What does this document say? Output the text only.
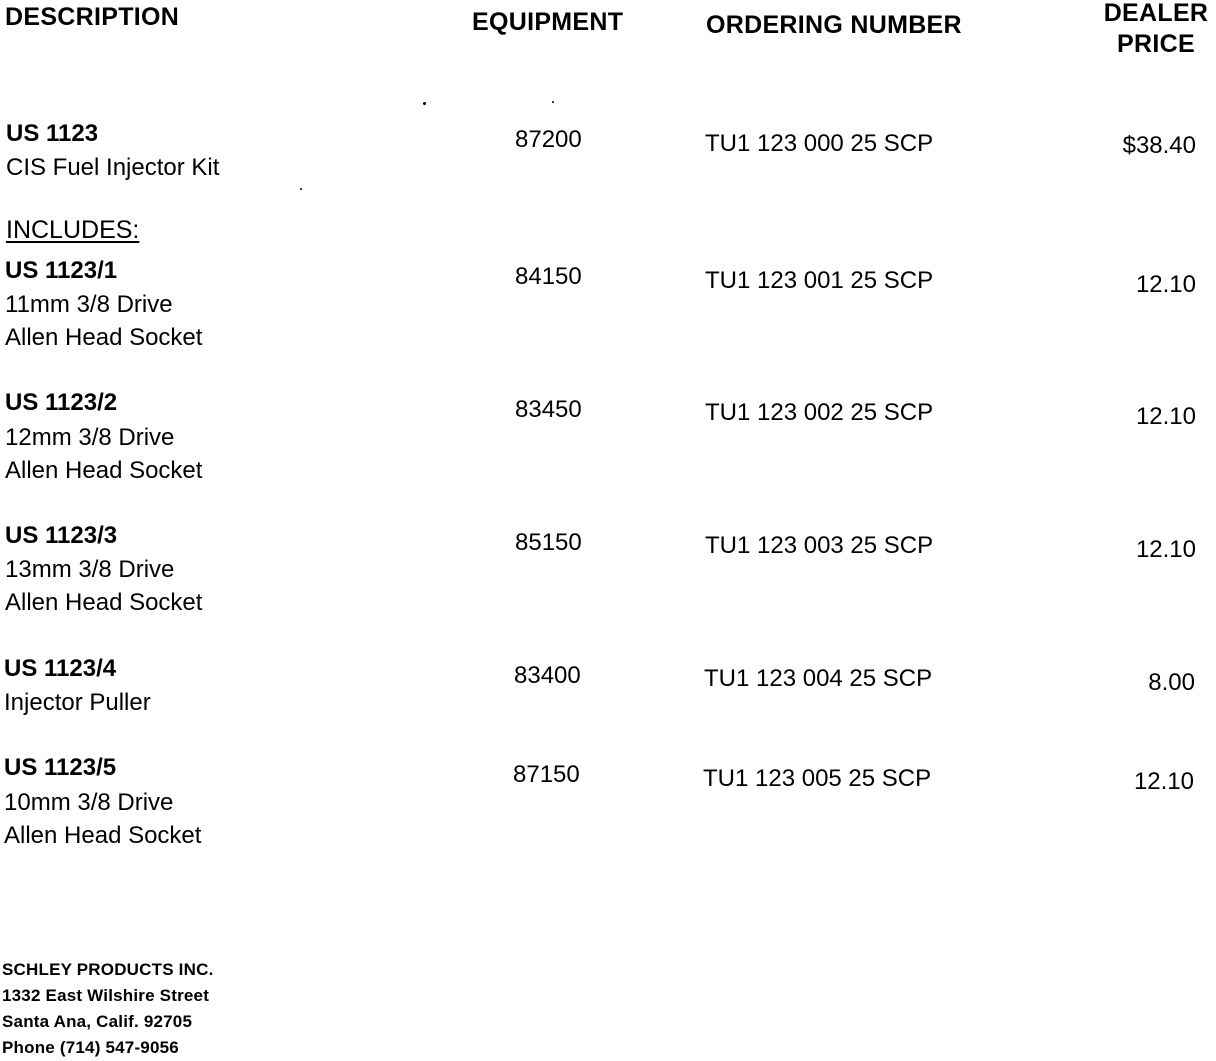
DESCRIPTION	EQUIPMENT	ORDERING NUMBER	DEALER
PRICE
US 1123
CIS Fuel Injector Kit
87200	TU1 123 000 25 SCP	$38.40
INCLUDES:
US 1123/1
11mm 3/8 Drive
Allen Head Socket
84150	TU1 123 001 25 SCP	12.10
US 1123/2
12mm 3/8 Drive
Allen Head Socket
83450	TU1 123 002 25 SCP	12.10
US 1123/3
13mm 3/8 Drive
Allen Head Socket
85150	TU1 123 003 25 SCP	12.10
US 1123/4
Injector Puller
83400	TU1 123 004 25 SCP	8.00
US 1123/5
10mm 3/8 Drive
Allen Head Socket
87150	TU1 123 005 25 SCP	12.10
SCHLEY PRODUCTS INC.
1332 East Wilshire Street
Santa Ana, Calif. 92705
Phone (714) 547-9056
